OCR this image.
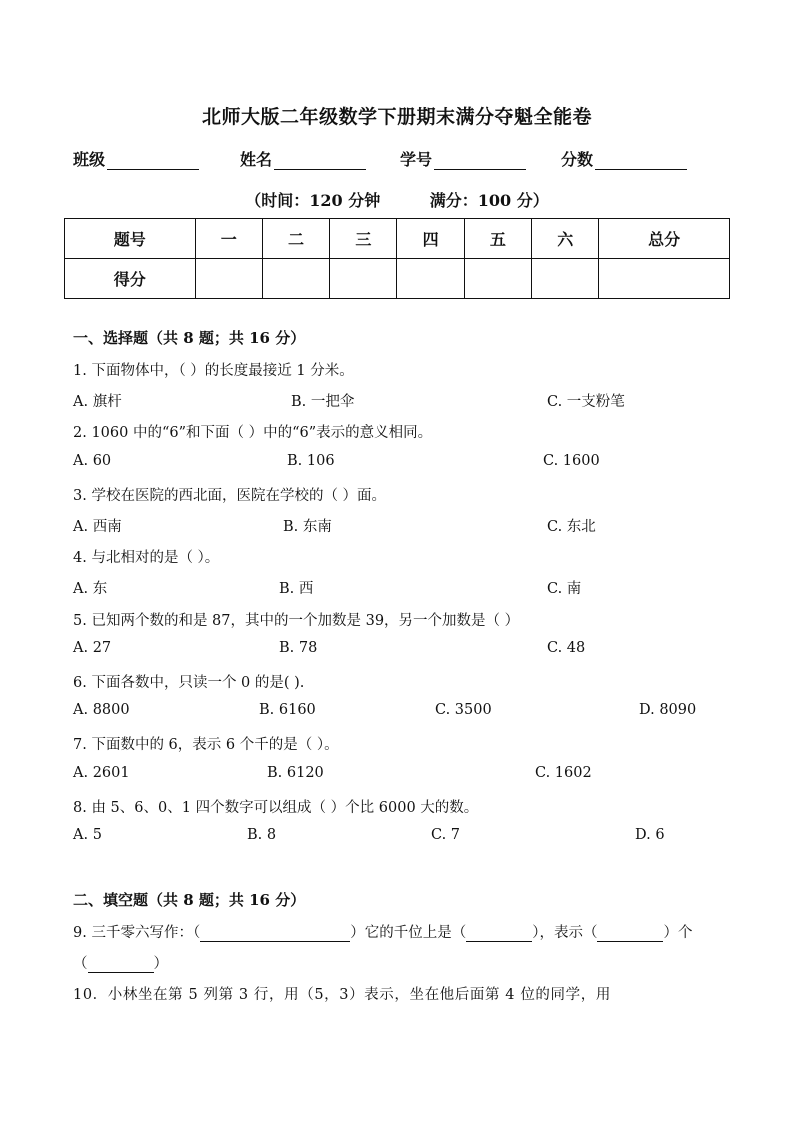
北师大版二年级数学下册期末满分夺魁全能卷
班级	姓名	学号	分数
（时间：120 分钟	满分：100 分）
题号	一	二	三	四	五	六	总分
得分							
一、选择题（共 8 题；共 16 分）
1. 下面物体中，（ ）的长度最接近 1 分米。
A. 旗杆	B. 一把伞	C. 一支粉笔
2. 1060 中的“6”和下面（ ）中的“6”表示的意义相同。
A. 60	B. 106	C. 1600
3. 学校在医院的西北面，医院在学校的（ ）面。
A. 西南	B. 东南	C. 东北
4. 与北相对的是（ ）。
A. 东	B. 西	C. 南
5. 已知两个数的和是 87，其中的一个加数是 39，另一个加数是（ ）
A. 27	B. 78	C. 48
6. 下面各数中，只读一个 0 的是( ).
A. 8800	B. 6160	C. 3500	D. 8090
7. 下面数中的 6，表示 6 个千的是（ ）。
A. 2601	B. 6120	C. 1602
8. 由 5、6、0、1 四个数字可以组成（ ）个比 6000 大的数。
A. 5	B. 8	C. 7	D. 6
二、填空题（共 8 题；共 16 分）
9. 三千零六写作：（	）它的千位上是（	），表示（	）个
（	）
10．小林坐在第 5 列第 3 行，用（5，3）表示，坐在他后面第 4 位的同学，用
